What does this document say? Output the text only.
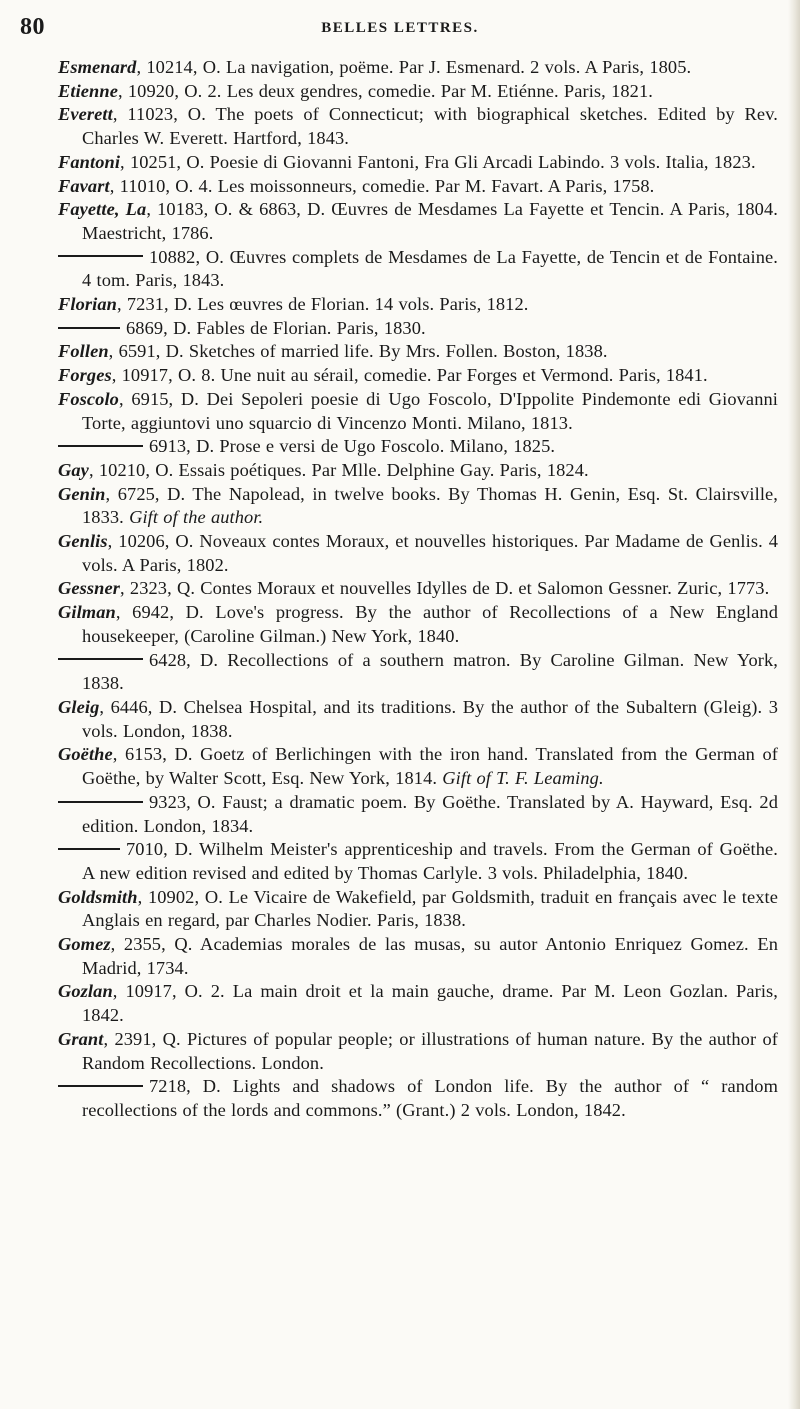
80	BELLES LETTRES.
Esmenard, 10214, O. La navigation, poëme. Par J. Esmenard. 2 vols. A Paris, 1805.
Etienne, 10920, O. 2. Les deux gendres, comedie. Par M. Etiénne. Paris, 1821.
Everett, 11023, O. The poets of Connecticut; with biographical sketches. Edited by Rev. Charles W. Everett. Hartford, 1843.
Fantoni, 10251, O. Poesie di Giovanni Fantoni, Fra Gli Arcadi Labindo. 3 vols. Italia, 1823.
Favart, 11010, O. 4. Les moissonneurs, comedie. Par M. Favart. A Paris, 1758.
Fayette, La, 10183, O. & 6863, D. Œuvres de Mesdames La Fayette et Tencin. A Paris, 1804. Maestricht, 1786.
10882, O. Œuvres complets de Mesdames de La Fayette, de Tencin et de Fontaine. 4 tom. Paris, 1843.
Florian, 7231, D. Les œuvres de Florian. 14 vols. Paris, 1812.
6869, D. Fables de Florian. Paris, 1830.
Follen, 6591, D. Sketches of married life. By Mrs. Follen. Boston, 1838.
Forges, 10917, O. 8. Une nuit au sérail, comedie. Par Forges et Vermond. Paris, 1841.
Foscolo, 6915, D. Dei Sepoleri poesie di Ugo Foscolo, D'Ippolite Pindemonte edi Giovanni Torte, aggiuntovi uno squarcio di Vincenzo Monti. Milano, 1813.
6913, D. Prose e versi de Ugo Foscolo. Milano, 1825.
Gay, 10210, O. Essais poétiques. Par Mlle. Delphine Gay. Paris, 1824.
Genin, 6725, D. The Napolead, in twelve books. By Thomas H. Genin, Esq. St. Clairsville, 1833. Gift of the author.
Genlis, 10206, O. Noveaux contes Moraux, et nouvelles historiques. Par Madame de Genlis. 4 vols. A Paris, 1802.
Gessner, 2323, Q. Contes Moraux et nouvelles Idylles de D. et Salomon Gessner. Zuric, 1773.
Gilman, 6942, D. Love's progress. By the author of Recollections of a New England housekeeper, (Caroline Gilman.) New York, 1840.
6428, D. Recollections of a southern matron. By Caroline Gilman. New York, 1838.
Gleig, 6446, D. Chelsea Hospital, and its traditions. By the author of the Subaltern (Gleig). 3 vols. London, 1838.
Goëthe, 6153, D. Goetz of Berlichingen with the iron hand. Translated from the German of Goëthe, by Walter Scott, Esq. New York, 1814. Gift of T. F. Leaming.
9323, O. Faust; a dramatic poem. By Goëthe. Translated by A. Hayward, Esq. 2d edition. London, 1834.
7010, D. Wilhelm Meister's apprenticeship and travels. From the German of Goëthe. A new edition revised and edited by Thomas Carlyle. 3 vols. Philadelphia, 1840.
Goldsmith, 10902, O. Le Vicaire de Wakefield, par Goldsmith, traduit en français avec le texte Anglais en regard, par Charles Nodier. Paris, 1838.
Gomez, 2355, Q. Academias morales de las musas, su autor Antonio Enriquez Gomez. En Madrid, 1734.
Gozlan, 10917, O. 2. La main droit et la main gauche, drame. Par M. Leon Gozlan. Paris, 1842.
Grant, 2391, Q. Pictures of popular people; or illustrations of human nature. By the author of Random Recollections. London.
7218, D. Lights and shadows of London life. By the author of “ random recollections of the lords and commons.” (Grant.) 2 vols. London, 1842.
